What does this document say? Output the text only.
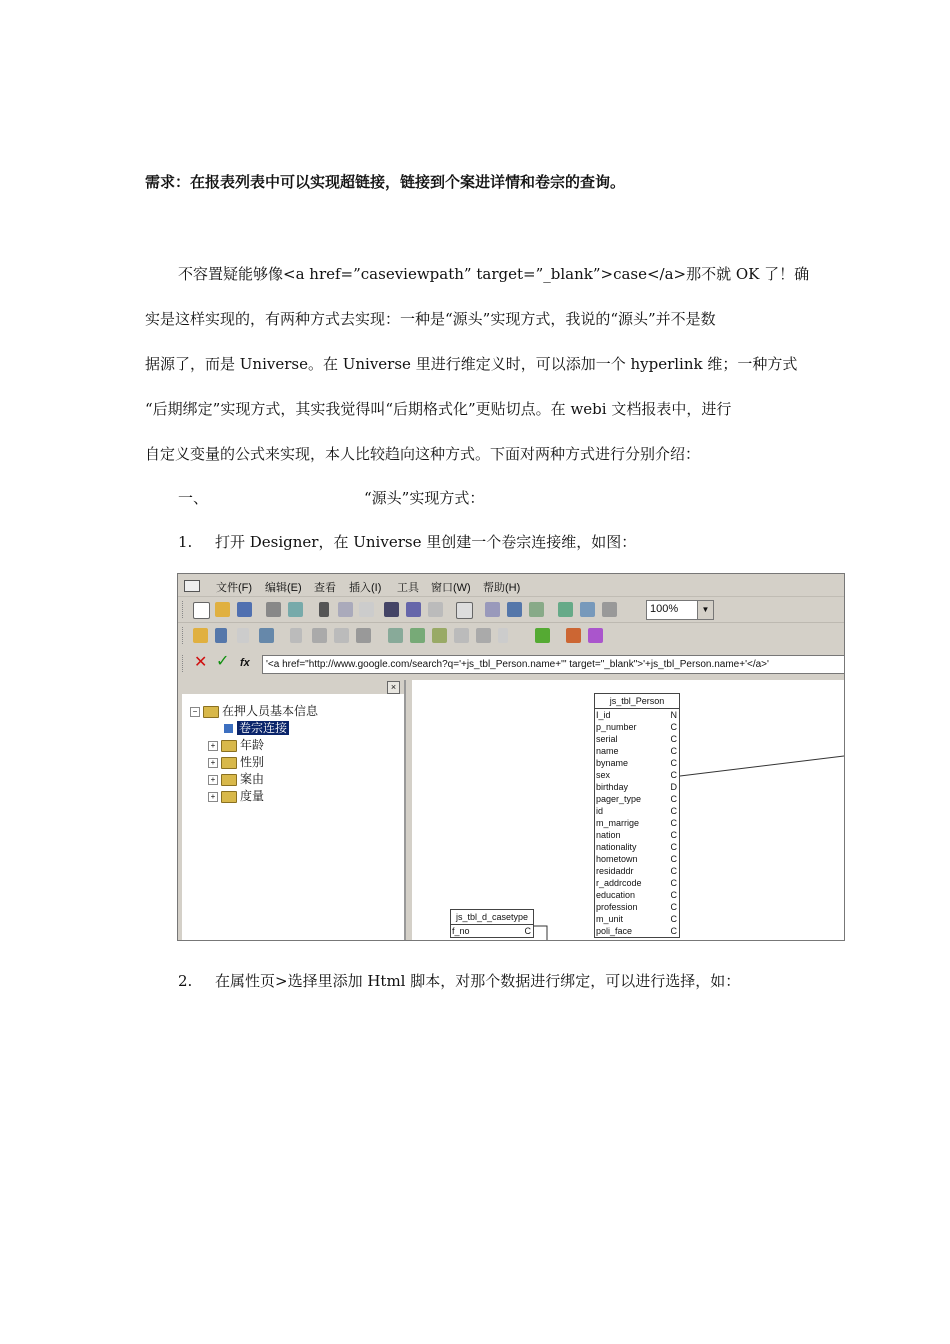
需求：在报表列表中可以实现超链接，链接到个案进详情和卷宗的查询。
不容置疑能够像<a href=”caseviewpath” target=”_blank”>case</a>那不就 OK 了！确
实是这样实现的，有两种方式去实现：一种是“源头”实现方式，我说的“源头”并不是数
据源了，而是 Universe。在 Universe 里进行维定义时，可以添加一个 hyperlink 维；一种方式
“后期绑定”实现方式，其实我觉得叫“后期格式化”更贴切点。在 webi 文档报表中，进行
自定义变量的公式来实现，本人比较趋向这种方式。下面对两种方式进行分别介绍：
一、	“源头”实现方式：
1. 打开 Designer，在 Universe 里创建一个卷宗连接维，如图：
文件(F) 编辑(E) 查看 插入(I) 工具 窗口(W) 帮助(H)
100%	▼
✕ ✓ fx	'<a href="http://www.google.com/search?q='+js_tbl_Person.name+'" target="_blank">'+js_tbl_Person.name+'</a>'
×
− 在押人员基本信息
卷宗连接
+ 年龄
+ 性别
+ 案由
+ 度量
js_tbl_Person
I_id	N
p_number	C
serial	C
name	C
byname	C
sex	C
birthday	D
pager_type	C
id	C
m_marrige	C
nation	C
nationality	C
hometown	C
residaddr	C
r_addrcode	C
education	C
profession	C
m_unit	C
poli_face	C
js_tbl_d_casetype
f_no	C
2. 在属性页>选择里添加 Html 脚本，对那个数据进行绑定，可以进行选择，如：
